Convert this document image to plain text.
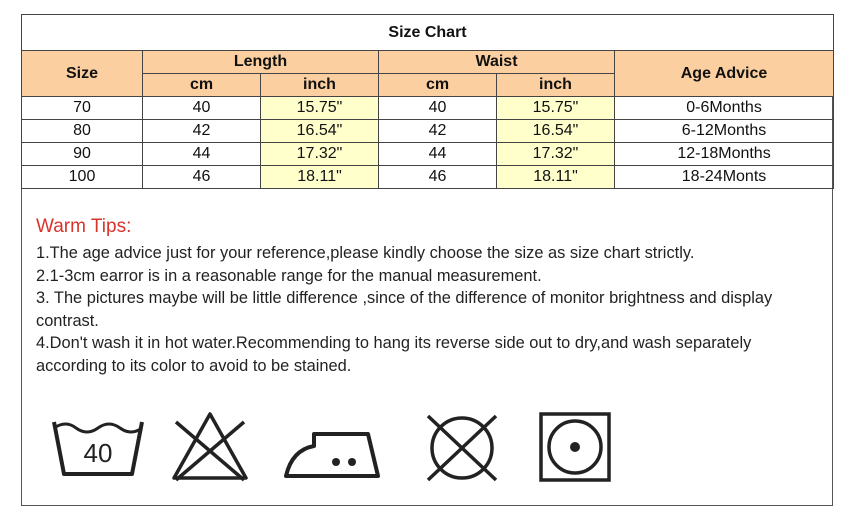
Size Chart					
Size	Length		Waist		Age Advice
	cm	inch	cm	inch	
70	40	15.75"	40	15.75"	0-6Months
80	42	16.54"	42	16.54"	6-12Months
90	44	17.32"	44	17.32"	12-18Months
100	46	18.11"	46	18.11"	18-24Monts
Warm Tips:

1.The age advice just for your reference,please kindly choose the size as size chart strictly.

2.1-3cm earror is in a reasonable range for the manual measurement.

3. The pictures maybe will be little difference ,since of the difference of monitor brightness and display contrast.

4.Don't wash it in hot water.Recommending to hang its reverse side out to dry,and wash separately according to its color to avoid to be stained.

40
